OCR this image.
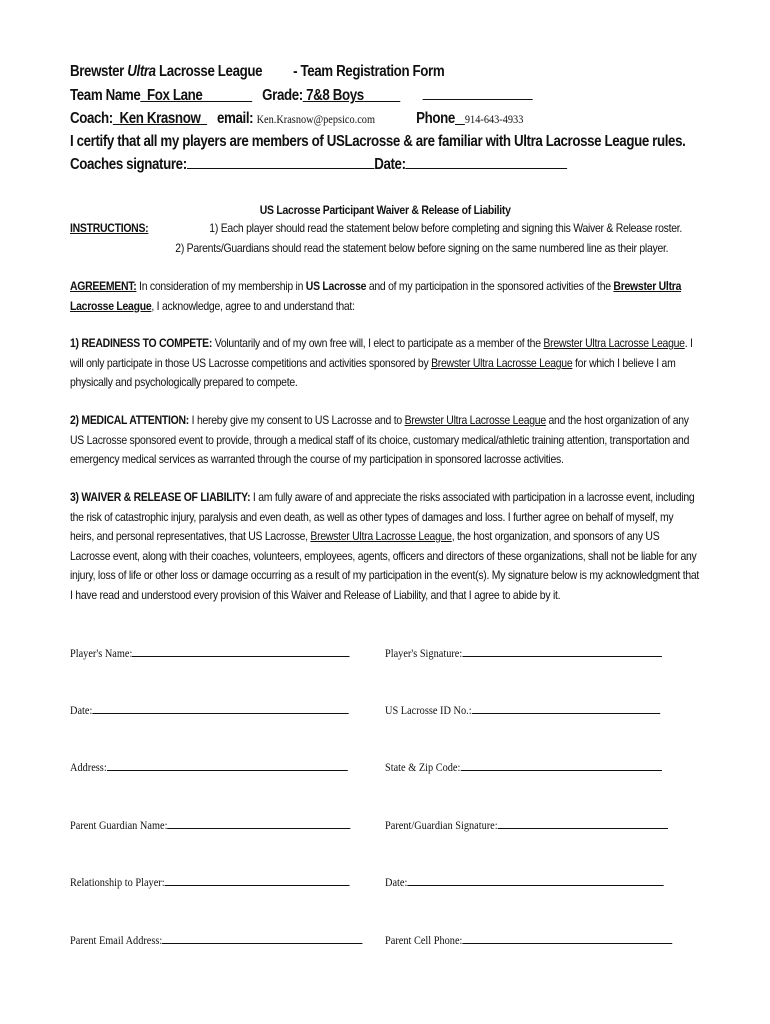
Brewster Ultra Lacrosse League - Team Registration Form
Team Name Fox Lane	Grade: 7&8 Boys
Coach: Ken Krasnow email: Ken.Krasnow@pepsico.com	Phone 914-643-4933
I certify that all my players are members of USLacrosse & are familiar with Ultra Lacrosse League rules.
Coaches signature:	Date:
US Lacrosse Participant Waiver & Release of Liability
INSTRUCTIONS:	1) Each player should read the statement below before completing and signing this Waiver & Release roster.
2) Parents/Guardians should read the statement below before signing on the same numbered line as their player.
AGREEMENT: In consideration of my membership in US Lacrosse and of my participation in the sponsored activities of the Brewster Ultra Lacrosse League, I acknowledge, agree to and understand that:
1) READINESS TO COMPETE: Voluntarily and of my own free will, I elect to participate as a member of the Brewster Ultra Lacrosse League. I will only participate in those US Lacrosse competitions and activities sponsored by Brewster Ultra Lacrosse League for which I believe I am physically and psychologically prepared to compete.
2) MEDICAL ATTENTION: I hereby give my consent to US Lacrosse and to Brewster Ultra Lacrosse League and the host organization of any US Lacrosse sponsored event to provide, through a medical staff of its choice, customary medical/athletic training attention, transportation and emergency medical services as warranted through the course of my participation in sponsored lacrosse activities.
3) WAIVER & RELEASE OF LIABILITY: I am fully aware of and appreciate the risks associated with participation in a lacrosse event, including the risk of catastrophic injury, paralysis and even death, as well as other types of damages and loss. I further agree on behalf of myself, my heirs, and personal representatives, that US Lacrosse, Brewster Ultra Lacrosse League, the host organization, and sponsors of any US Lacrosse event, along with their coaches, volunteers, employees, agents, officers and directors of these organizations, shall not be liable for any injury, loss of life or other loss or damage occurring as a result of my participation in the event(s). My signature below is my acknowledgment that I have read and understood every provision of this Waiver and Release of Liability, and that I agree to abide by it.
Player's Name:	Player's Signature:
Date:	US Lacrosse ID No.:
Address:	State & Zip Code:
Parent Guardian Name:	Parent/Guardian Signature:
Relationship to Player:	Date:
Parent Email Address:	Parent Cell Phone:
